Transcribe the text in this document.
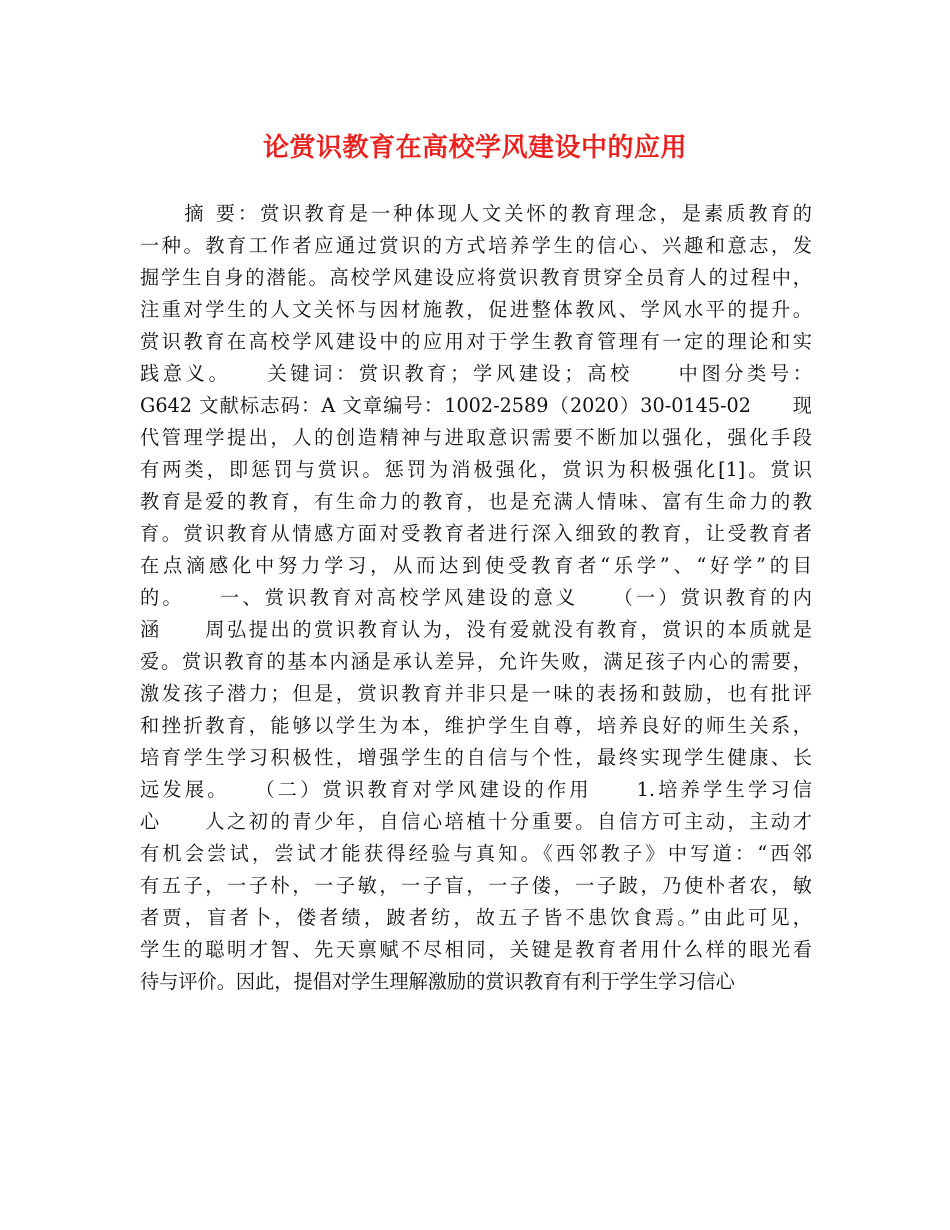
论赏识教育在高校学风建设中的应用
　　摘 要：赏识教育是一种体现人文关怀的教育理念，是素质教育的
一种。教育工作者应通过赏识的方式培养学生的信心、兴趣和意志，发
掘学生自身的潜能。高校学风建设应将赏识教育贯穿全员育人的过程中，
注重对学生的人文关怀与因材施教，促进整体教风、学风水平的提升。
赏识教育在高校学风建设中的应用对于学生教育管理有一定的理论和实
践意义。　　关键词：赏识教育；学风建设；高校　　中图分类号：
G642 文献标志码：A 文章编号：1002-2589（2020）30-0145-02　　现
代管理学提出，人的创造精神与进取意识需要不断加以强化，强化手段
有两类，即惩罚与赏识。惩罚为消极强化，赏识为积极强化[1]。赏识
教育是爱的教育，有生命力的教育，也是充满人情味、富有生命力的教
育。赏识教育从情感方面对受教育者进行深入细致的教育，让受教育者
在点滴感化中努力学习，从而达到使受教育者“乐学”、“好学”的目
的。　　一、赏识教育对高校学风建设的意义　　（一）赏识教育的内
涵　　周弘提出的赏识教育认为，没有爱就没有教育，赏识的本质就是
爱。赏识教育的基本内涵是承认差异，允许失败，满足孩子内心的需要，
激发孩子潜力；但是，赏识教育并非只是一味的表扬和鼓励，也有批评
和挫折教育，能够以学生为本，维护学生自尊，培养良好的师生关系，
培育学生学习积极性，增强学生的自信与个性，最终实现学生健康、长
远发展。　　（二）赏识教育对学风建设的作用　　1.培养学生学习信
心　　人之初的青少年，自信心培植十分重要。自信方可主动，主动才
有机会尝试，尝试才能获得经验与真知。《西邻教子》中写道：“西邻
有五子，一子朴，一子敏，一子盲，一子偻，一子跛，乃使朴者农，敏
者贾，盲者卜，偻者绩，跛者纺，故五子皆不患饮食焉。”由此可见，
学生的聪明才智、先天禀赋不尽相同，关键是教育者用什么样的眼光看
待与评价。因此，提倡对学生理解激励的赏识教育有利于学生学习信心
